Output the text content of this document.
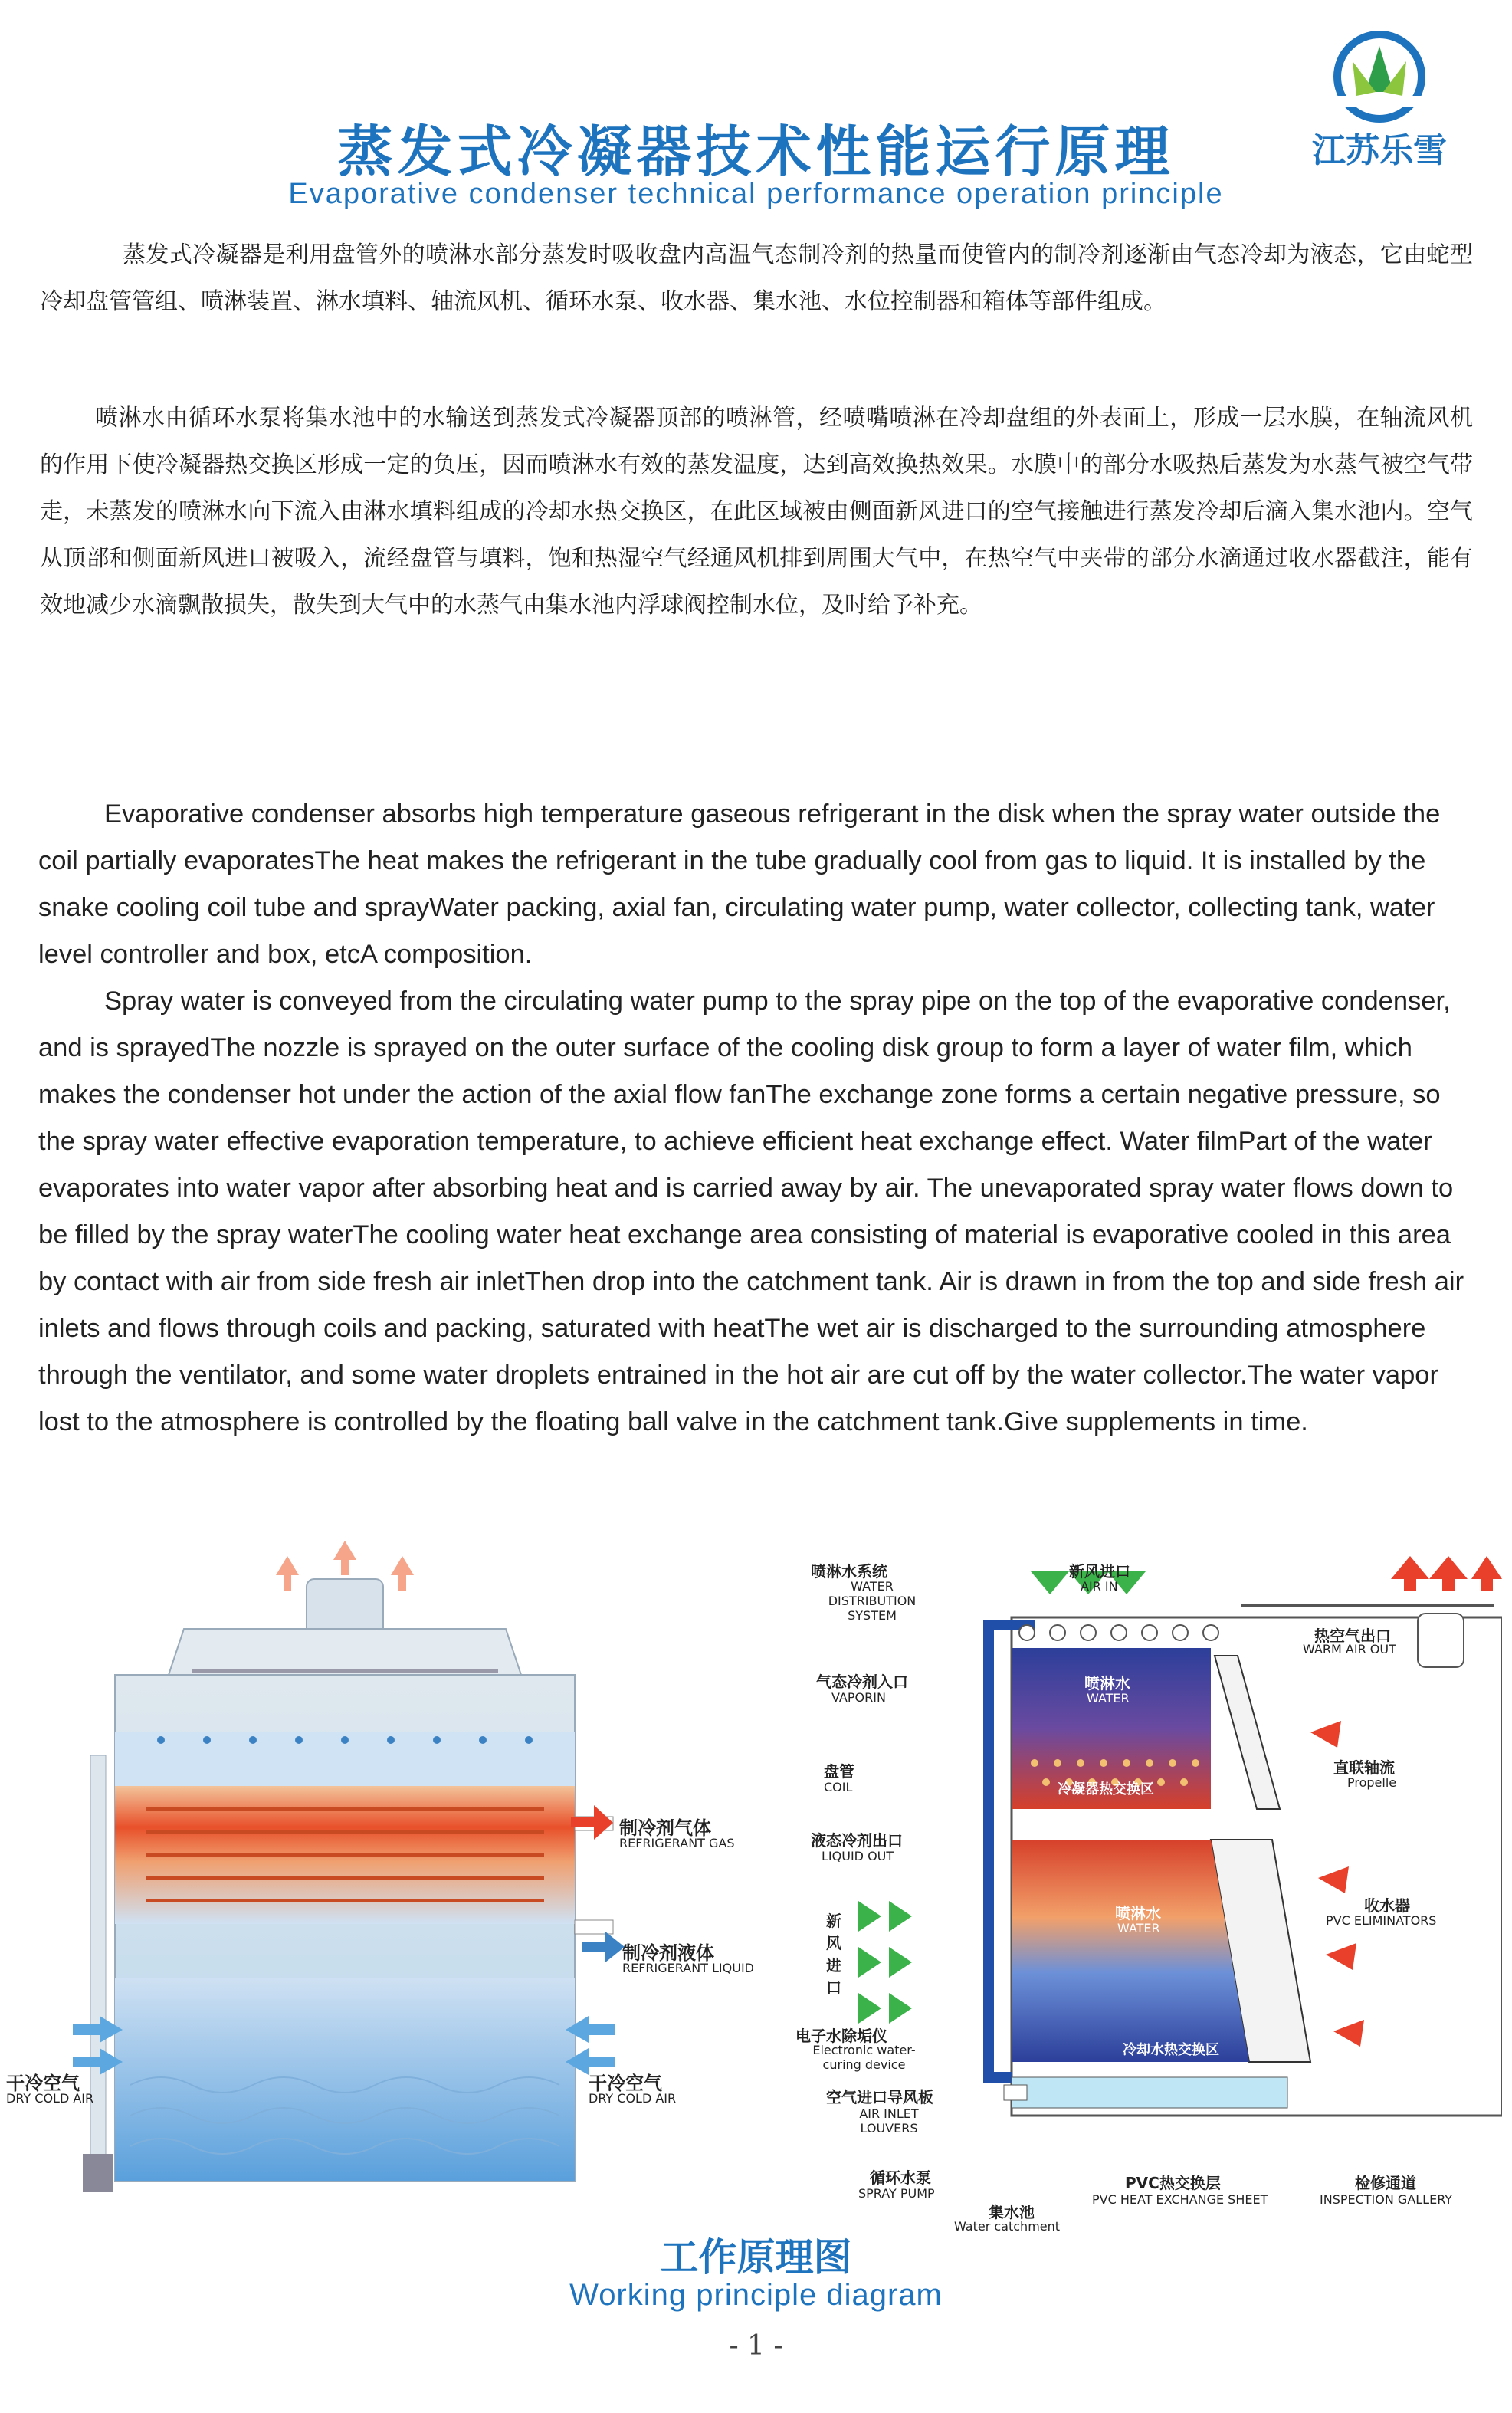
江苏乐雪
蒸发式冷凝器技术性能运行原理
Evaporative condenser technical performance operation principle

蒸发式冷凝器是利用盘管外的喷淋水部分蒸发时吸收盘内高温气态制冷剂的热量而使管内的制冷剂逐渐由气态冷却为液态，它由蛇型冷却盘管管组、喷淋装置、淋水填料、轴流风机、循环水泵、收水器、集水池、水位控制器和箱体等部件组成。

喷淋水由循环水泵将集水池中的水输送到蒸发式冷凝器顶部的喷淋管，经喷嘴喷淋在冷却盘组的外表面上，形成一层水膜，在轴流风机的作用下使冷凝器热交换区形成一定的负压，因而喷淋水有效的蒸发温度，达到高效换热效果。水膜中的部分水吸热后蒸发为水蒸气被空气带走，未蒸发的喷淋水向下流入由淋水填料组成的冷却水热交换区，在此区域被由侧面新风进口的空气接触进行蒸发冷却后滴入集水池内。空气从顶部和侧面新风进口被吸入，流经盘管与填料，饱和热湿空气经通风机排到周围大气中，在热空气中夹带的部分水滴通过收水器截注，能有效地减少水滴飘散损失，散失到大气中的水蒸气由集水池内浮球阀控制水位，及时给予补充。

Evaporative condenser absorbs high temperature gaseous refrigerant in the disk when the spray water outside the coil partially evaporatesThe heat makes the refrigerant in the tube gradually cool from gas to liquid. It is installed by the snake cooling coil tube and sprayWater packing, axial fan, circulating water pump, water collector, collecting tank, water level controller and box, etcA composition.

Spray water is conveyed from the circulating water pump to the spray pipe on the top of the evaporative condenser, and is sprayedThe nozzle is sprayed on the outer surface of the cooling disk group to form a layer of water film, which makes the condenser hot under the action of the axial flow fanThe exchange zone forms a certain negative pressure, so the spray water effective evaporation temperature, to achieve efficient heat exchange effect. Water filmPart of the water evaporates into water vapor after absorbing heat and is carried away by air. The unevaporated spray water flows down to be filled by the spray waterThe cooling water heat exchange area consisting of material is evaporative cooled in this area by contact with air from side fresh air inletThen drop into the catchment tank. Air is drawn in from the top and side fresh air inlets and flows through coils and packing, saturated with heatThe wet air is discharged to the surrounding atmosphere through the ventilator, and some water droplets entrained in the hot air are cut off by the water collector.The water vapor lost to the atmosphere is controlled by the floating ball valve in the catchment tank.Give supplements in time.

制冷剂气体
REFRIGERANT GAS
制冷剂液体
REFRIGERANT LIQUID
干冷空气
DRY COLD AIR
干冷空气
DRY COLD AIR
喷淋水系统
WATER DISTRIBUTION SYSTEM
新风进口
AIR IN
热空气出口
WARM AIR OUT
气态冷剂入口
VAPORIN
盘管
COIL
液态冷剂出口
LIQUID OUT
直联轴流
Propelle
收水器
PVC ELIMINATORS
新风进口
电子水除垢仪
Electronic water-curing device
空气进口导风板
AIR INLET LOUVERS
循环水泵
SPRAY PUMP
集水池
Water catchment
PVC热交换层
PVC HEAT EXCHANGE SHEET
检修通道
INSPECTION GALLERY
喷淋水
WATER
冷凝器热交换区
喷淋水
WATER
冷却水热交换区
工作原理图
Working principle diagram
- 1 -
